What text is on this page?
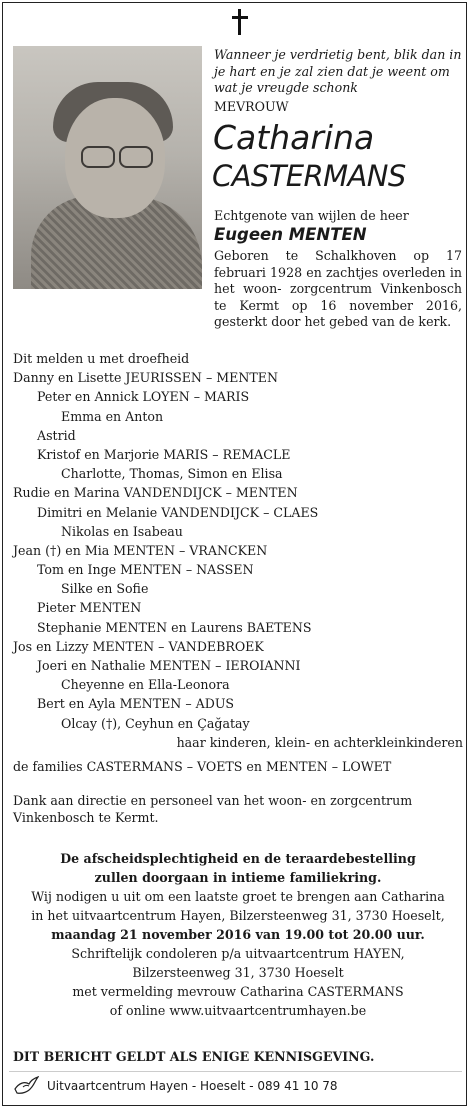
Wanneer je verdrietig bent, blik dan in je hart en je zal zien dat je weent om wat je vreugde schonk
MEVROUW
Catharina
CASTERMANS
Echtgenote van wijlen de heer
Eugeen MENTEN
Geboren te Schalkhoven op 17 februari 1928 en zachtjes overleden in het woon- zorgcentrum Vinkenbosch te Kermt op 16 november 2016, gesterkt door het gebed van de kerk.
Dit melden u met droefheid
Danny en Lisette JEURISSEN – MENTEN
Peter en Annick LOYEN – MARIS
Emma en Anton
Astrid
Kristof en Marjorie MARIS – REMACLE
Charlotte, Thomas, Simon en Elisa
Rudie en Marina VANDENDIJCK – MENTEN
Dimitri en Melanie VANDENDIJCK – CLAES
Nikolas en Isabeau
Jean (†) en Mia MENTEN – VRANCKEN
Tom en Inge MENTEN – NASSEN
Silke en Sofie
Pieter MENTEN
Stephanie MENTEN en Laurens BAETENS
Jos en Lizzy MENTEN – VANDEBROEK
Joeri en Nathalie MENTEN – IEROIANNI
Cheyenne en Ella-Leonora
Bert en Ayla MENTEN – ADUS
Olcay (†), Ceyhun en Çağatay
haar kinderen, klein- en achterkleinkinderen
de families CASTERMANS – VOETS en MENTEN – LOWET
Dank aan directie en personeel van het woon- en zorgcentrum Vinkenbosch te Kermt.
De afscheidsplechtigheid en de teraardebestelling
zullen doorgaan in intieme familiekring.
Wij nodigen u uit om een laatste groet te brengen aan Catharina
in het uitvaartcentrum Hayen, Bilzersteenweg 31, 3730 Hoeselt,
maandag 21 november 2016 van 19.00 tot 20.00 uur.
Schriftelijk condoleren p/a uitvaartcentrum HAYEN,
Bilzersteenweg 31, 3730 Hoeselt
met vermelding mevrouw Catharina CASTERMANS
of online www.uitvaartcentrumhayen.be
DIT BERICHT GELDT ALS ENIGE KENNISGEVING.
Uitvaartcentrum Hayen - Hoeselt - 089 41 10 78
